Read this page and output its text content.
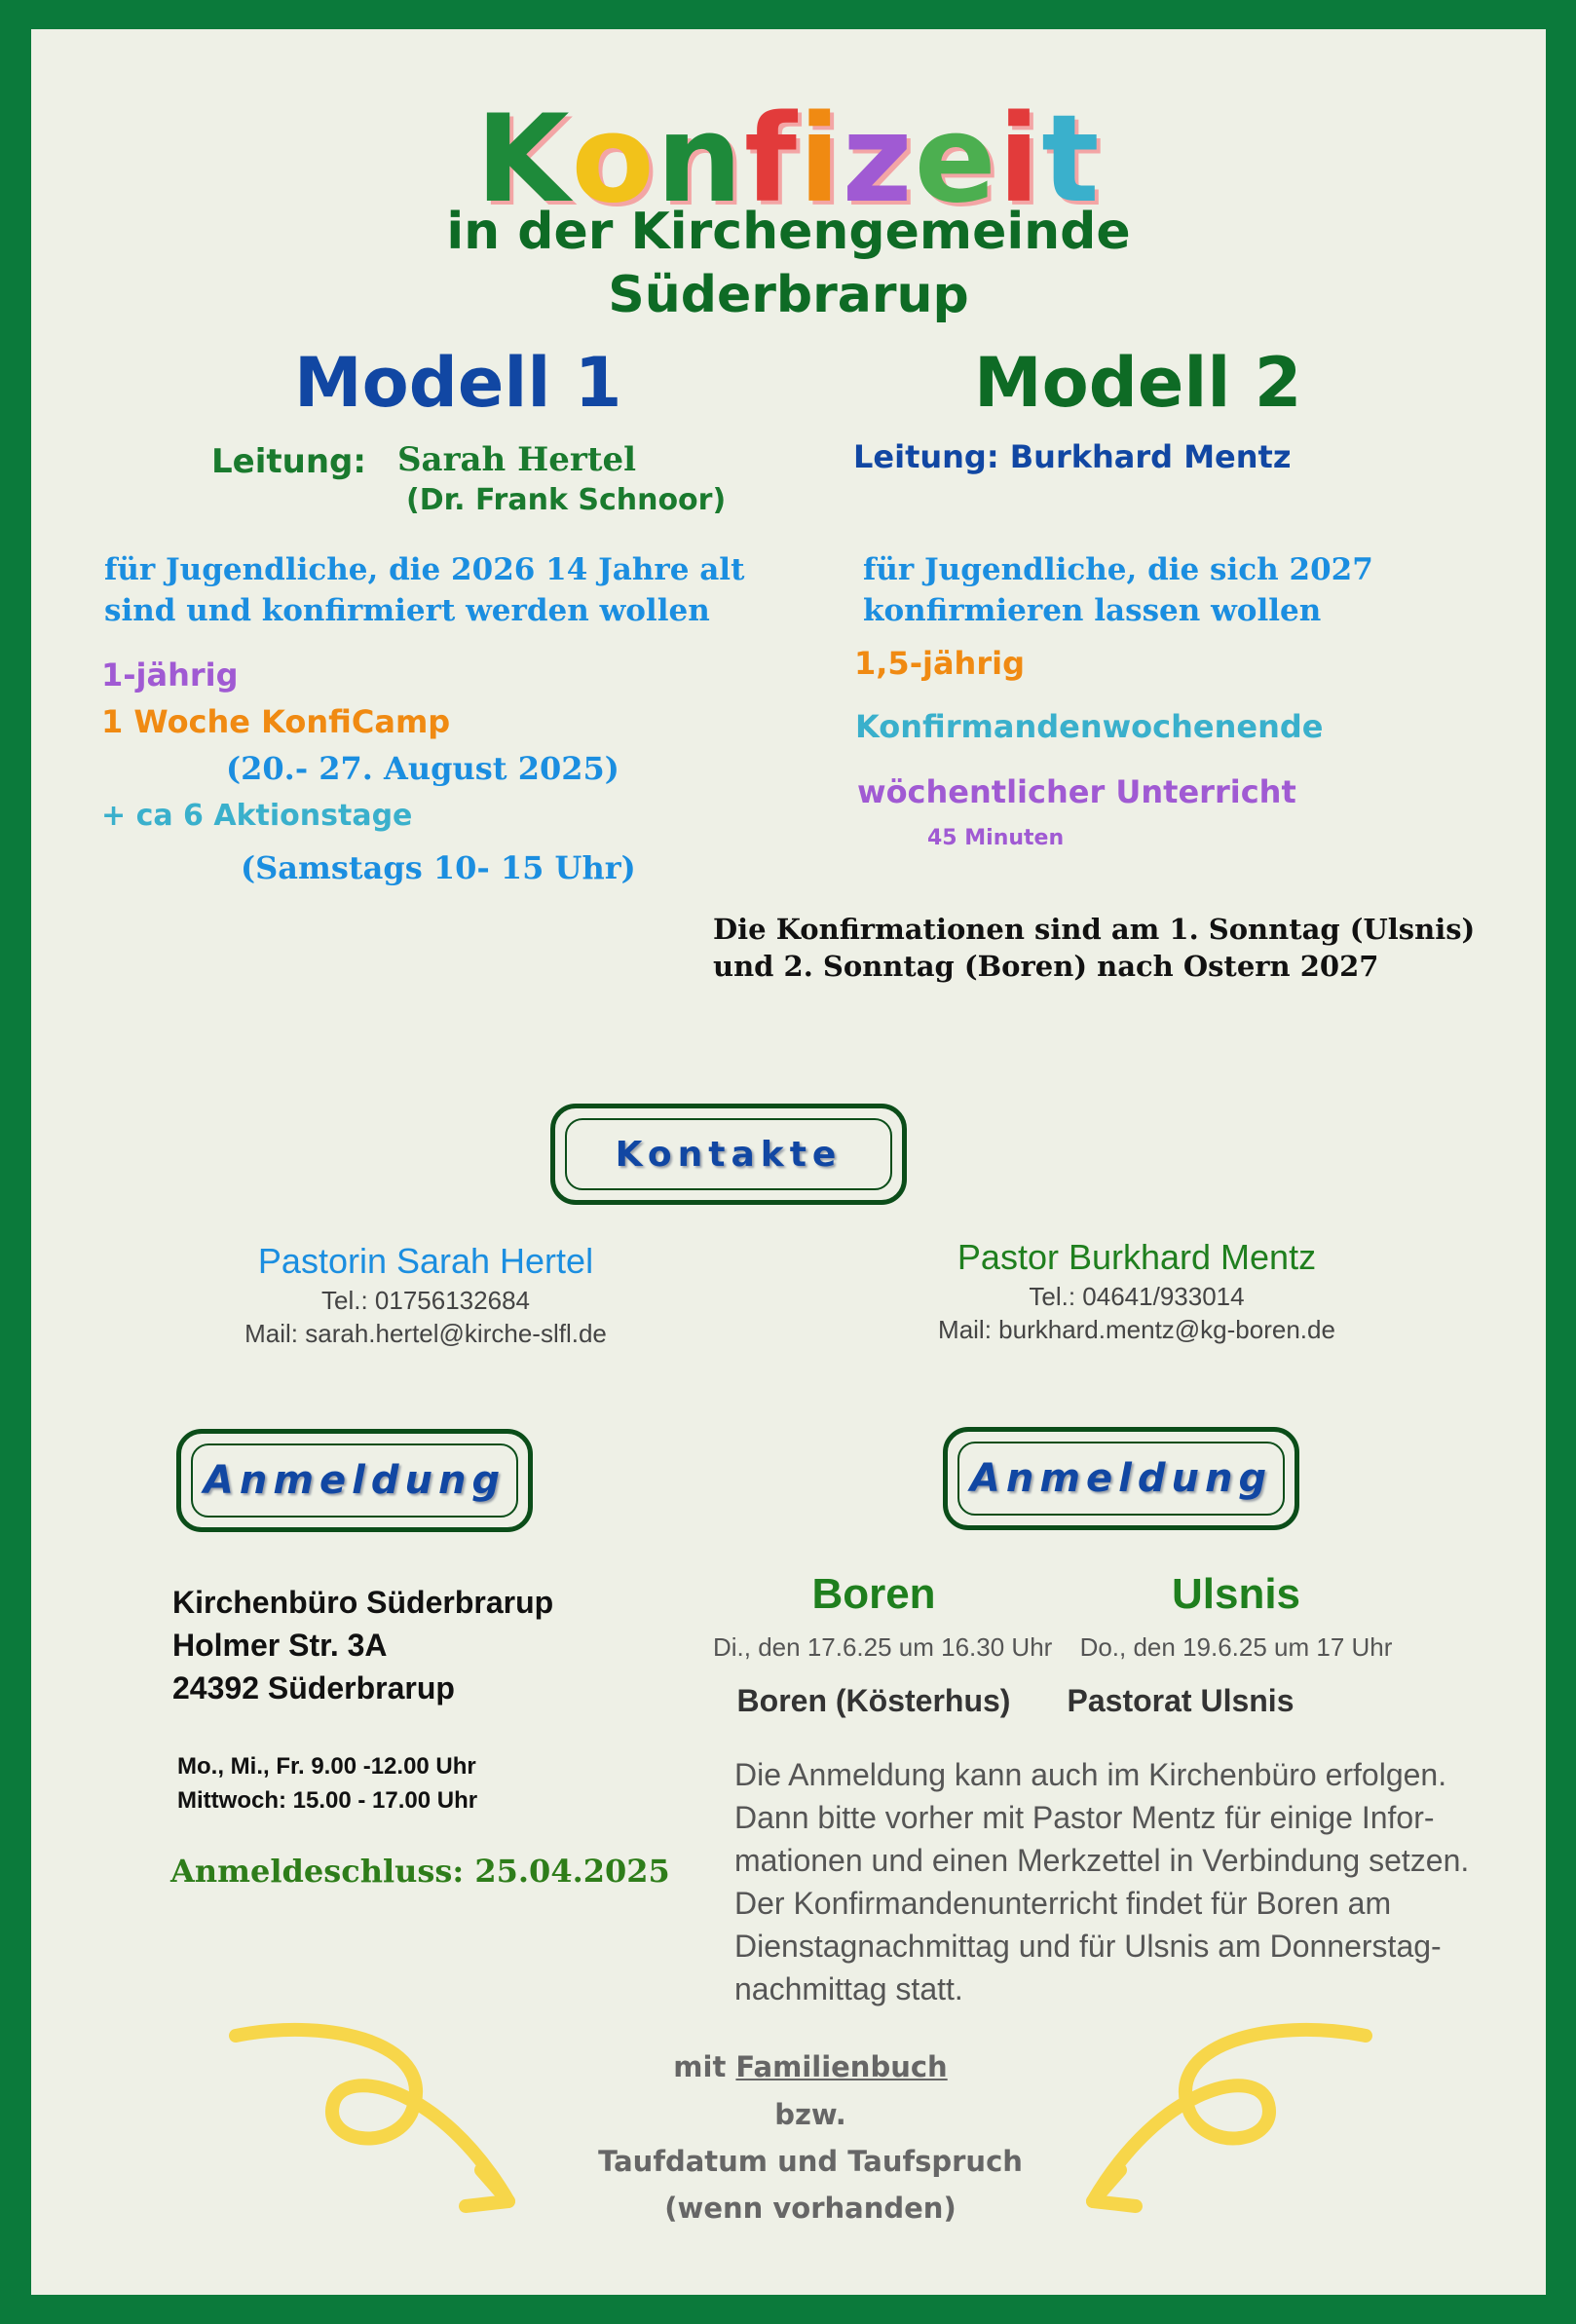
Konfizeit
in der Kirchengemeinde
Süderbrarup
Modell 1
Leitung: Sarah Hertel
(Dr. Frank Schnoor)
für Jugendliche, die 2026 14 Jahre alt
sind und konfirmiert werden wollen
1-jährig
1 Woche KonfiCamp
(20.- 27. August 2025)
+ ca 6 Aktionstage
(Samstags 10- 15 Uhr)
Modell 2
Leitung: Burkhard Mentz
für Jugendliche, die sich 2027
konfirmieren lassen wollen
1,5-jährig
Konfirmandenwochenende
wöchentlicher Unterricht
45 Minuten
Die Konfirmationen sind am 1. Sonntag (Ulsnis)
und 2. Sonntag (Boren) nach Ostern 2027
Kontakte
Pastorin Sarah Hertel
Tel.: 01756132684
Mail: sarah.hertel@kirche-slfl.de
Pastor Burkhard Mentz
Tel.: 04641/933014
Mail: burkhard.mentz@kg-boren.de
Anmeldung	Anmeldung
Kirchenbüro Süderbrarup
Holmer Str. 3A
24392 Süderbrarup
Mo., Mi., Fr. 9.00 -12.00 Uhr
Mittwoch: 15.00 - 17.00 Uhr
Anmeldeschluss: 25.04.2025
Boren
Di., den 17.6.25 um 16.30 Uhr
Boren (Kösterhus)
Ulsnis
Do., den 19.6.25 um 17 Uhr
Pastorat Ulsnis
Die Anmeldung kann auch im Kirchenbüro erfolgen.
Dann bitte vorher mit Pastor Mentz für einige Infor-
mationen und einen Merkzettel in Verbindung setzen.
Der Konfirmandenunterricht findet für Boren am
Dienstagnachmittag und für Ulsnis am Donnerstag-
nachmittag statt.
mit Familienbuch
bzw.
Taufdatum und Taufspruch
(wenn vorhanden)
